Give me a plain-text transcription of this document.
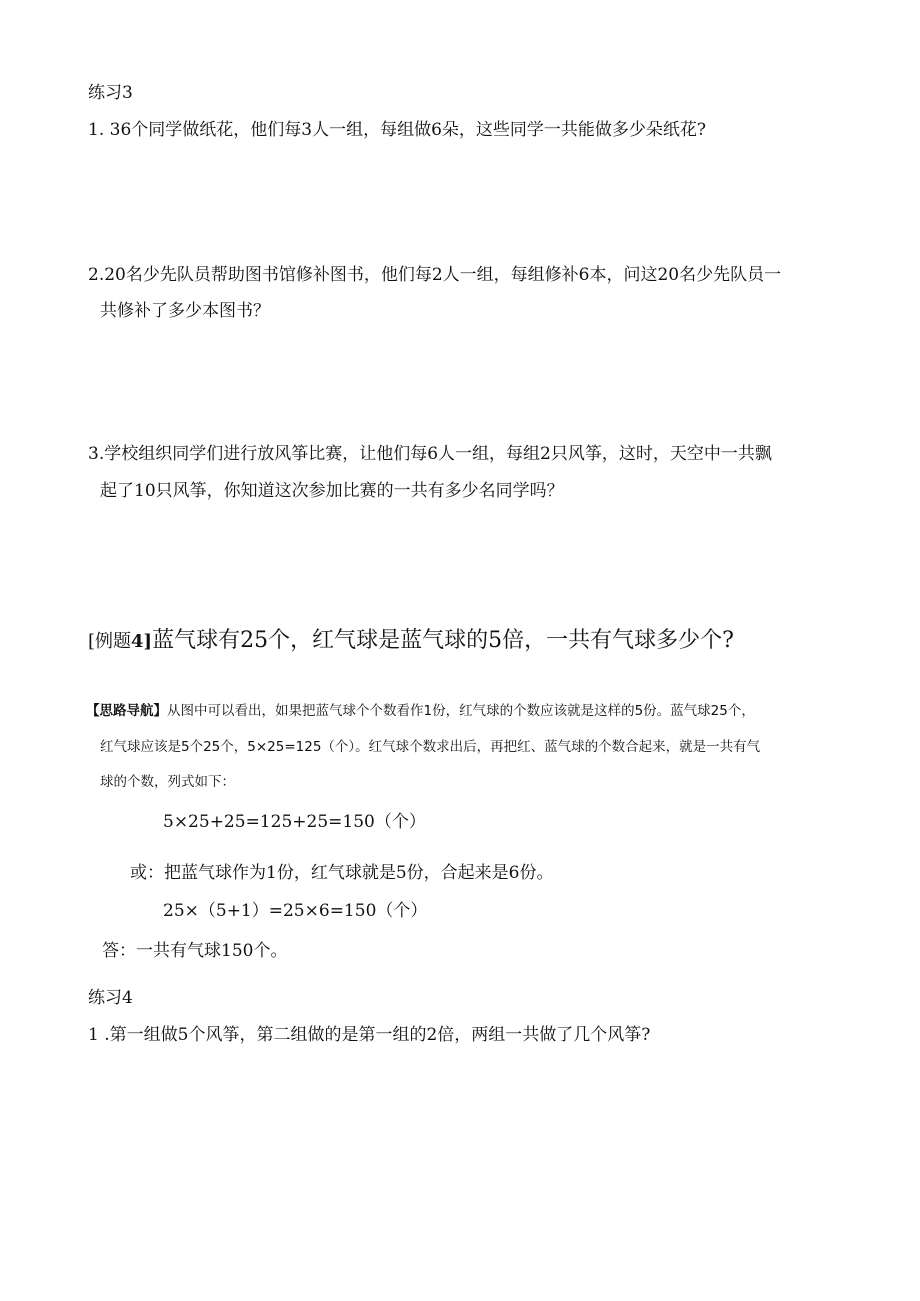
练习3
1. 36个同学做纸花，他们每3人一组，每组做6朵，这些同学一共能做多少朵纸花?
2.20名少先队员帮助图书馆修补图书，他们每2人一组，每组修补6本，问这20名少先队员一
共修补了多少本图书？
3.学校组织同学们进行放风筝比赛，让他们每6人一组，每组2只风筝，这时，天空中一共飘
起了10只风筝，你知道这次参加比赛的一共有多少名同学吗？
[例题4]蓝气球有25个，红气球是蓝气球的5倍，一共有气球多少个?
【思路导航】从图中可以看出，如果把蓝气球个个数看作1份，红气球的个数应该就是这样的5份。蓝气球25个，
红气球应该是5个25个，5×25=125（个）。红气球个数求出后，再把红、蓝气球的个数合起来，就是一共有气
球的个数，列式如下：
5×25+25=125+25=150（个）
或：把蓝气球作为1份，红气球就是5份，合起来是6份。
25×（5+1）=25×6=150（个）
答：一共有气球150个。
练习4
1 .第一组做5个风筝，第二组做的是第一组的2倍，两组一共做了几个风筝?
